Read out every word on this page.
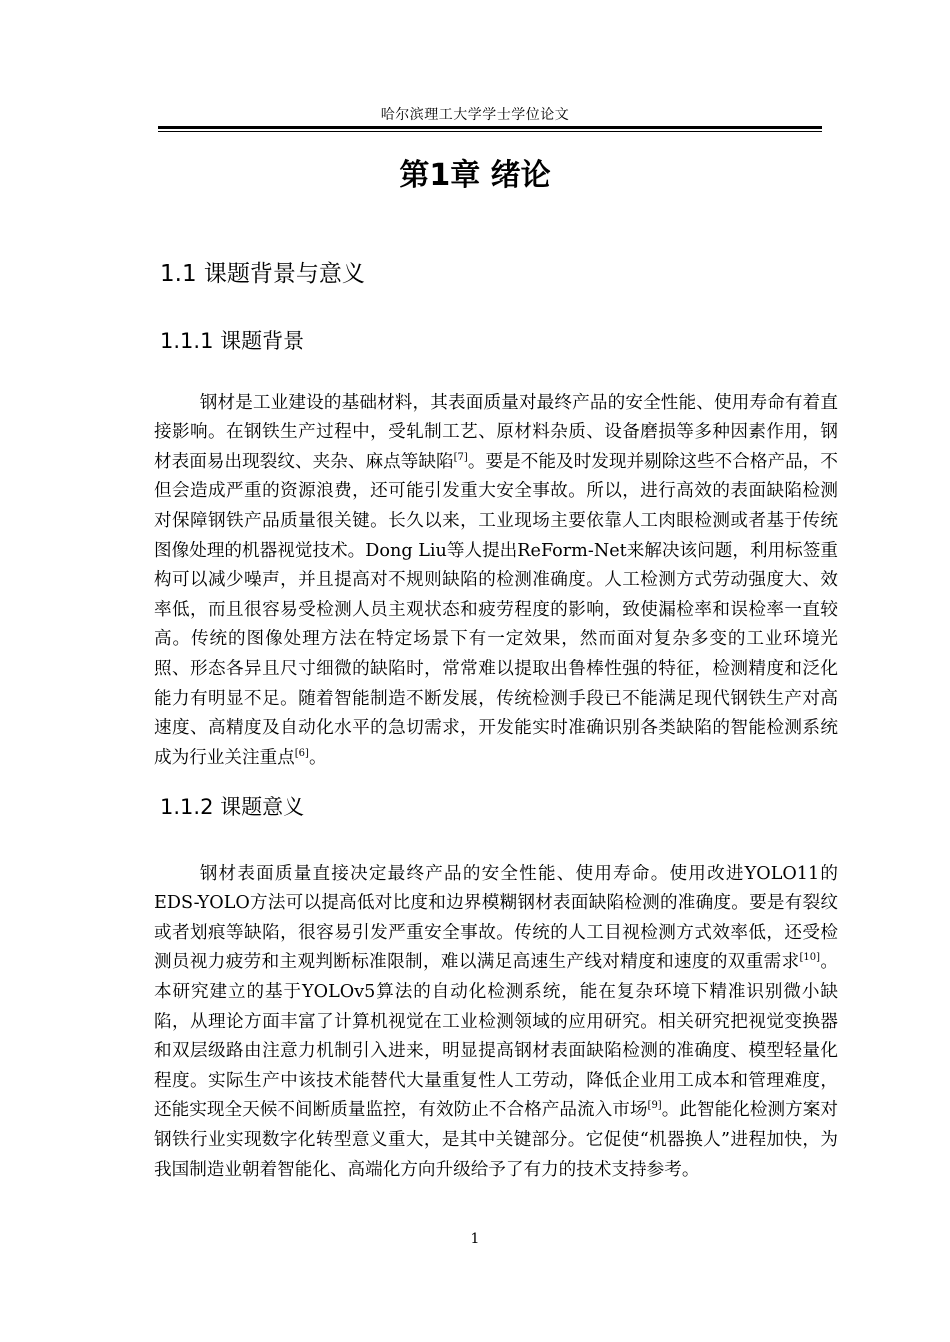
哈尔滨理工大学学士学位论文
第1章 绪论
1.1 课题背景与意义
1.1.1 课题背景

钢材是工业建设的基础材料，其表面质量对最终产品的安全性能、使用寿命有着直接影响。在钢铁生产过程中，受轧制工艺、原材料杂质、设备磨损等多种因素作用，钢材表面易出现裂纹、夹杂、麻点等缺陷[7]。要是不能及时发现并剔除这些不合格产品，不但会造成严重的资源浪费，还可能引发重大安全事故。所以，进行高效的表面缺陷检测对保障钢铁产品质量很关键。长久以来，工业现场主要依靠人工肉眼检测或者基于传统图像处理的机器视觉技术。Dong Liu等人提出ReForm-Net来解决该问题，利用标签重构可以减少噪声，并且提高对不规则缺陷的检测准确度。人工检测方式劳动强度大、效率低，而且很容易受检测人员主观状态和疲劳程度的影响，致使漏检率和误检率一直较高。传统的图像处理方法在特定场景下有一定效果，然而面对复杂多变的工业环境光照、形态各异且尺寸细微的缺陷时，常常难以提取出鲁棒性强的特征，检测精度和泛化能力有明显不足。随着智能制造不断发展，传统检测手段已不能满足现代钢铁生产对高速度、高精度及自动化水平的急切需求，开发能实时准确识别各类缺陷的智能检测系统成为行业关注重点[6]。

1.1.2 课题意义

钢材表面质量直接决定最终产品的安全性能、使用寿命。使用改进YOLO11的EDS-YOLO方法可以提高低对比度和边界模糊钢材表面缺陷检测的准确度。要是有裂纹或者划痕等缺陷，很容易引发严重安全事故。传统的人工目视检测方式效率低，还受检测员视力疲劳和主观判断标准限制，难以满足高速生产线对精度和速度的双重需求[10]。本研究建立的基于YOLOv5算法的自动化检测系统，能在复杂环境下精准识别微小缺陷，从理论方面丰富了计算机视觉在工业检测领域的应用研究。相关研究把视觉变换器和双层级路由注意力机制引入进来，明显提高钢材表面缺陷检测的准确度、模型轻量化程度。实际生产中该技术能替代大量重复性人工劳动，降低企业用工成本和管理难度，还能实现全天候不间断质量监控，有效防止不合格产品流入市场[9]。此智能化检测方案对钢铁行业实现数字化转型意义重大，是其中关键部分。它促使“机器换人”进程加快，为我国制造业朝着智能化、高端化方向升级给予了有力的技术支持参考。

1
